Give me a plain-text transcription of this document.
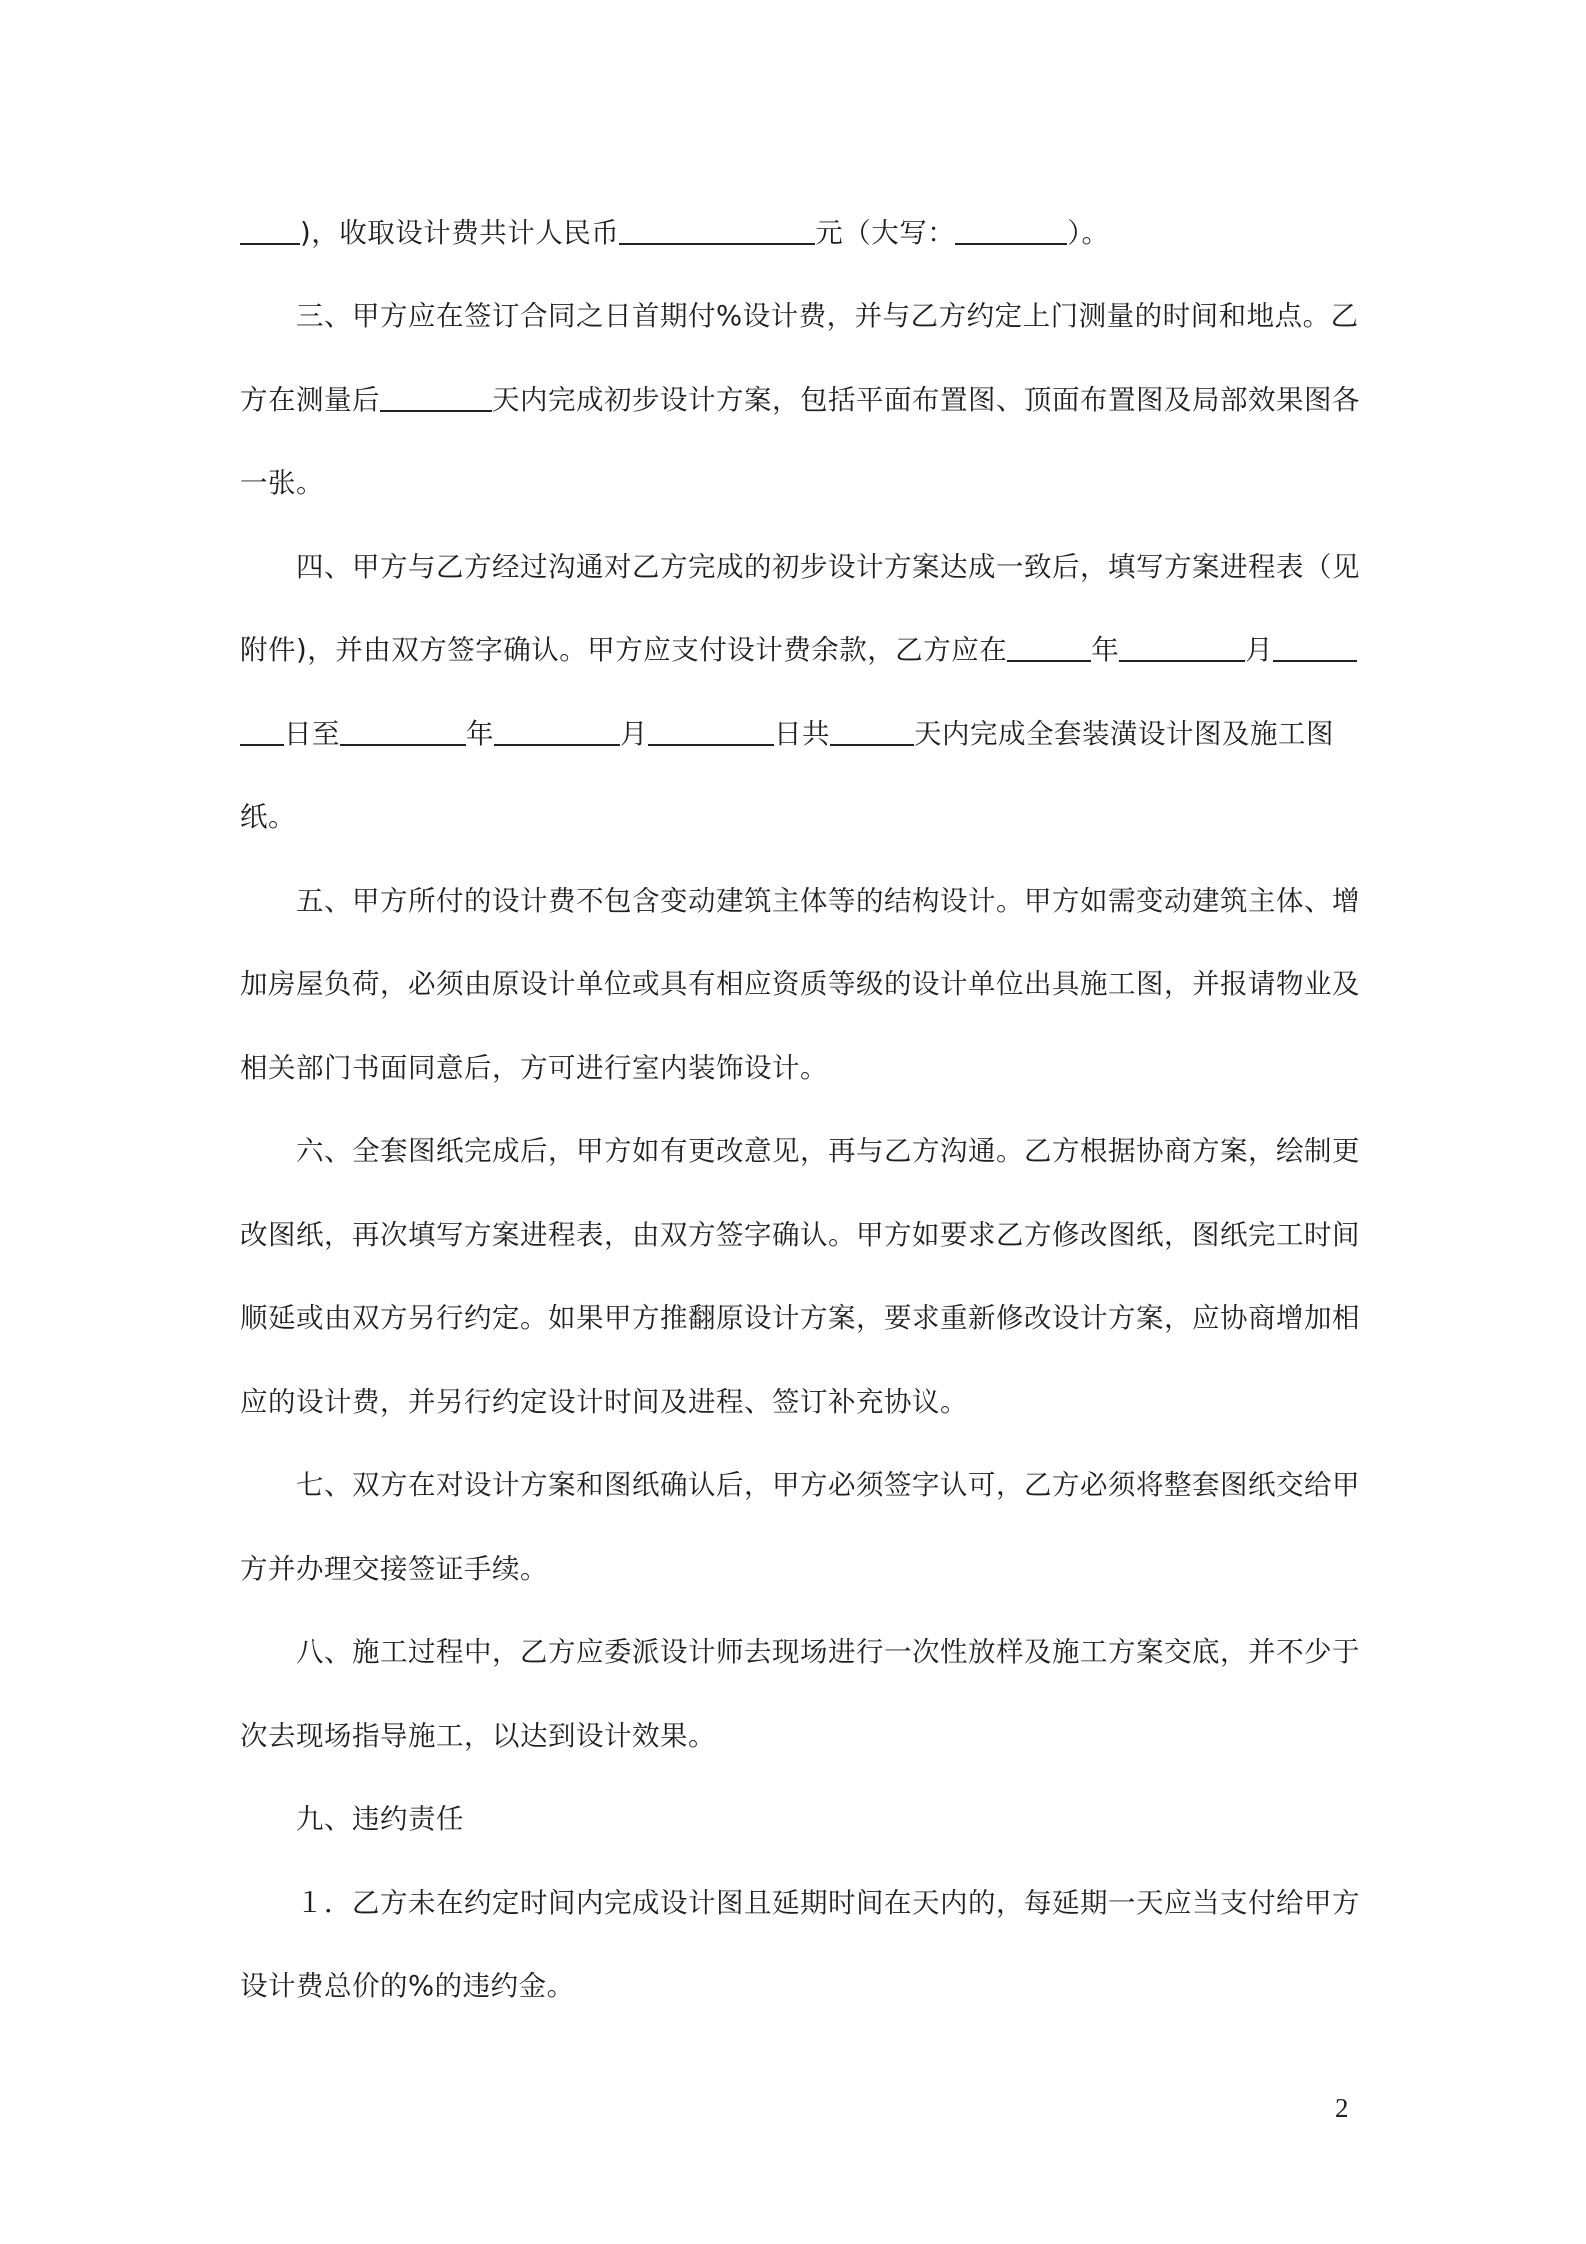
)，收取设计费共计人民币	元（大写：	）。
三、甲方应在签订合同之日首期付%设计费，并与乙方约定上门测量的时间和地点。乙
方在测量后	天内完成初步设计方案，包括平面布置图、顶面布置图及局部效果图各
一张。
四、甲方与乙方经过沟通对乙方完成的初步设计方案达成一致后，填写方案进程表（见
附件)，并由双方签字确认。甲方应支付设计费余款，乙方应在	年	月
日至	年	月	日共	天内完成全套装潢设计图及施工图
纸。
五、甲方所付的设计费不包含变动建筑主体等的结构设计。甲方如需变动建筑主体、增
加房屋负荷，必须由原设计单位或具有相应资质等级的设计单位出具施工图，并报请物业及
相关部门书面同意后，方可进行室内装饰设计。
六、全套图纸完成后，甲方如有更改意见，再与乙方沟通。乙方根据协商方案，绘制更
改图纸，再次填写方案进程表，由双方签字确认。甲方如要求乙方修改图纸，图纸完工时间
顺延或由双方另行约定。如果甲方推翻原设计方案，要求重新修改设计方案，应协商增加相
应的设计费，并另行约定设计时间及进程、签订补充协议。
七、双方在对设计方案和图纸确认后，甲方必须签字认可，乙方必须将整套图纸交给甲
方并办理交接签证手续。
八、施工过程中，乙方应委派设计师去现场进行一次性放样及施工方案交底，并不少于
次去现场指导施工，以达到设计效果。
九、违约责任
１．乙方未在约定时间内完成设计图且延期时间在天内的，每延期一天应当支付给甲方
设计费总价的%的违约金。
2
